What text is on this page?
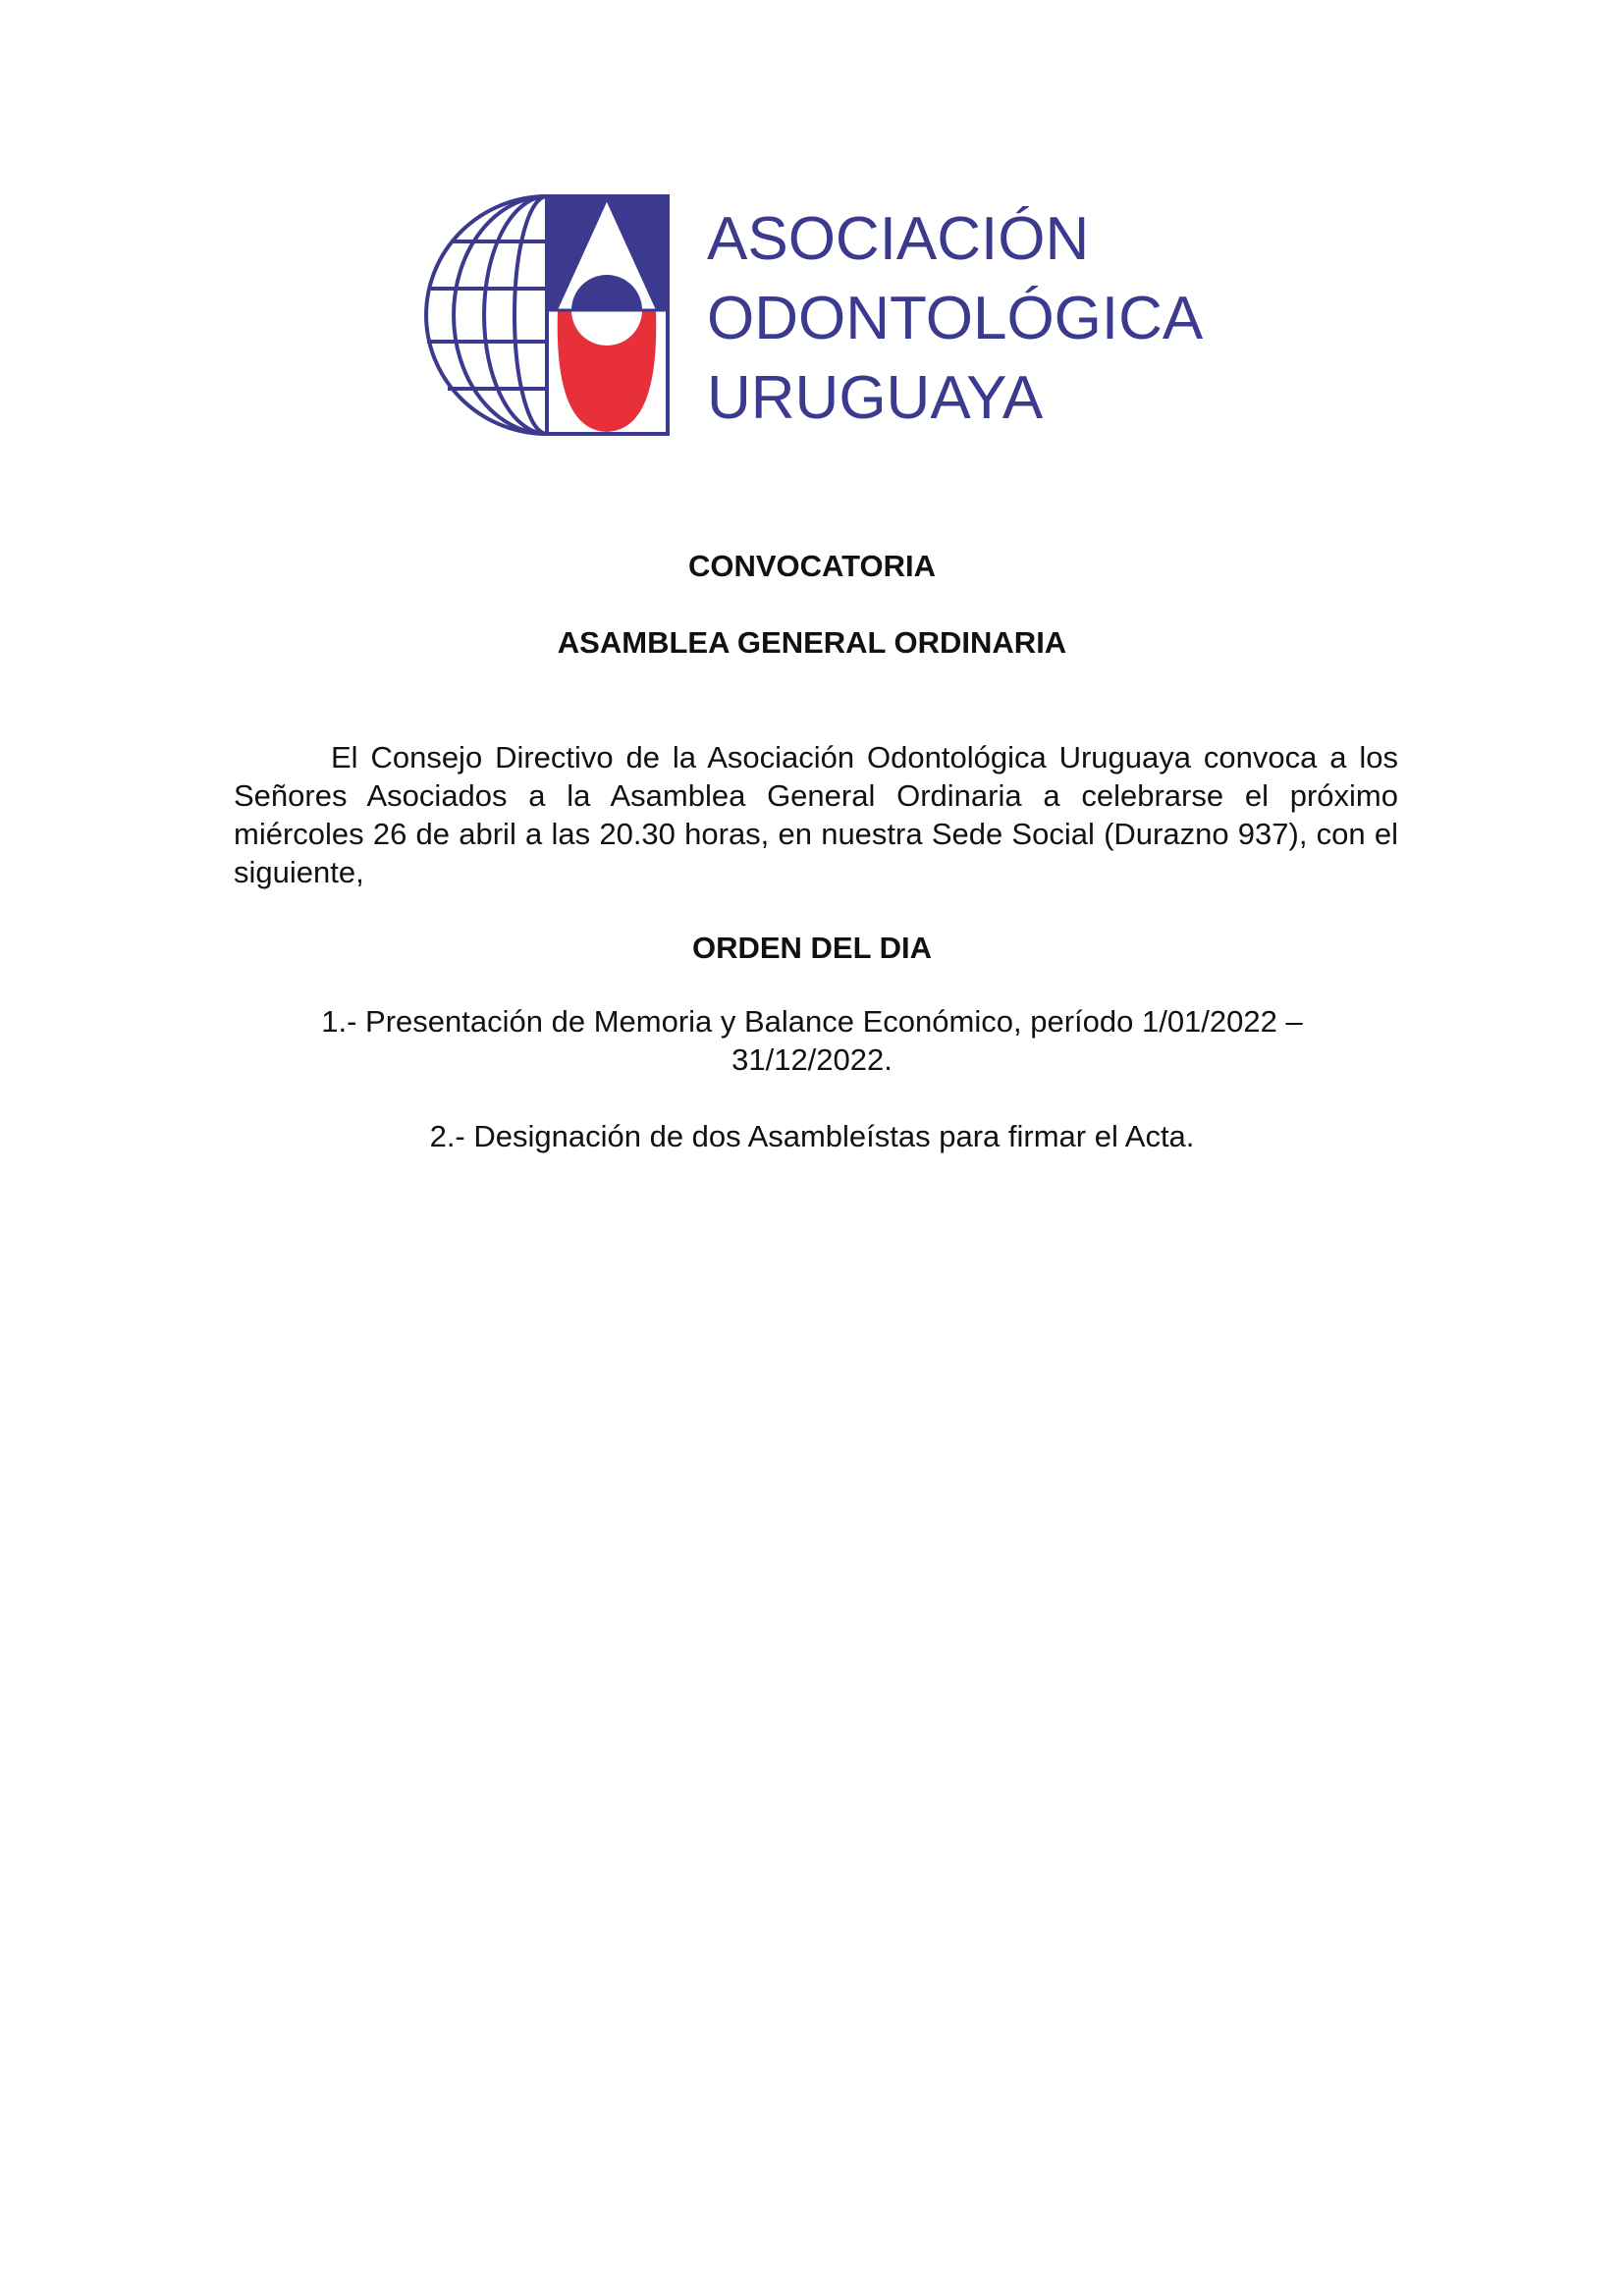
ASOCIACIÓN
ODONTOLÓGICA
URUGUAYA
CONVOCATORIA
ASAMBLEA GENERAL ORDINARIA
El Consejo Directivo de la Asociación Odontológica Uruguaya convoca a los Señores Asociados a la Asamblea General Ordinaria a celebrarse el próximo miércoles 26 de abril a las 20.30 horas, en nuestra Sede Social (Durazno 937), con el siguiente,
ORDEN DEL DIA
1.- Presentación de Memoria y Balance Económico, período 1/01/2022 –
31/12/2022.
2.- Designación de dos Asambleístas para firmar el Acta.
